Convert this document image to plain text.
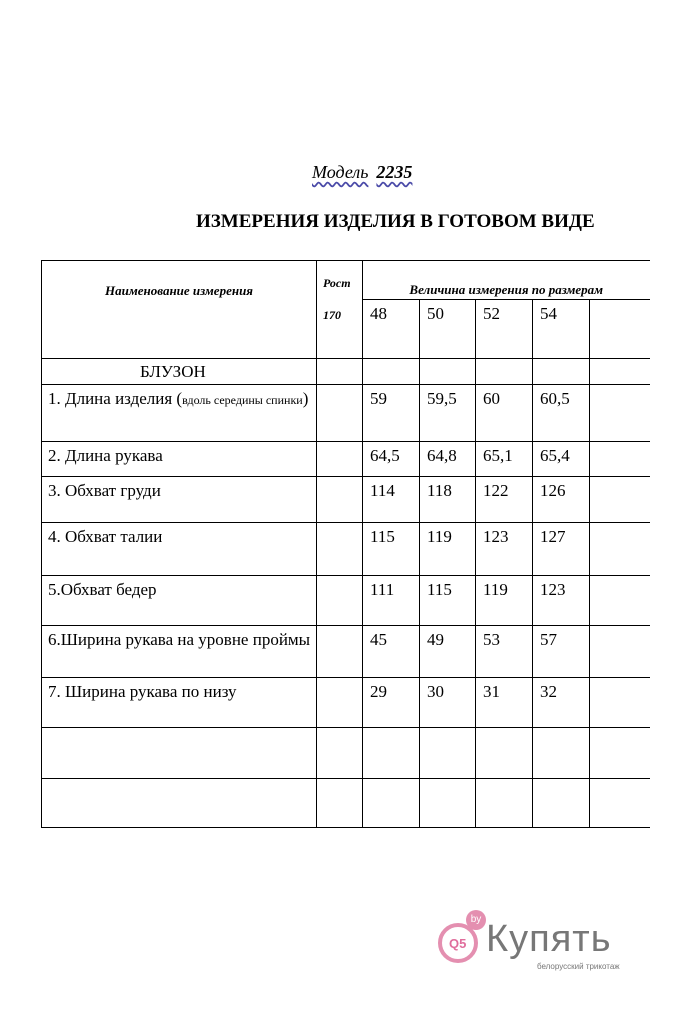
Модель 2235
ИЗМЕРЕНИЯ ИЗДЕЛИЯ В ГОТОВОМ ВИДЕ
Наименование измерения	Рост
170	Величина измерения по размерам				
		48	50	52	54	
БЛУЗОН						

1. Длина изделия (вдоль середины спинки)		59	59,5	60	60,5	

2. Длина рукава		64,5	64,8	65,1	65,4	

3. Обхват груди		114	118	122	126	

4. Обхват талии		115	119	123	127	

5.Обхват бедер		111	115	119	123	

6.Ширина рукава на уровне проймы		45	49	53	57	

7. Ширина рукава по низу		29	30	31	32	

Q5
by Купять
белорусский трикотаж
